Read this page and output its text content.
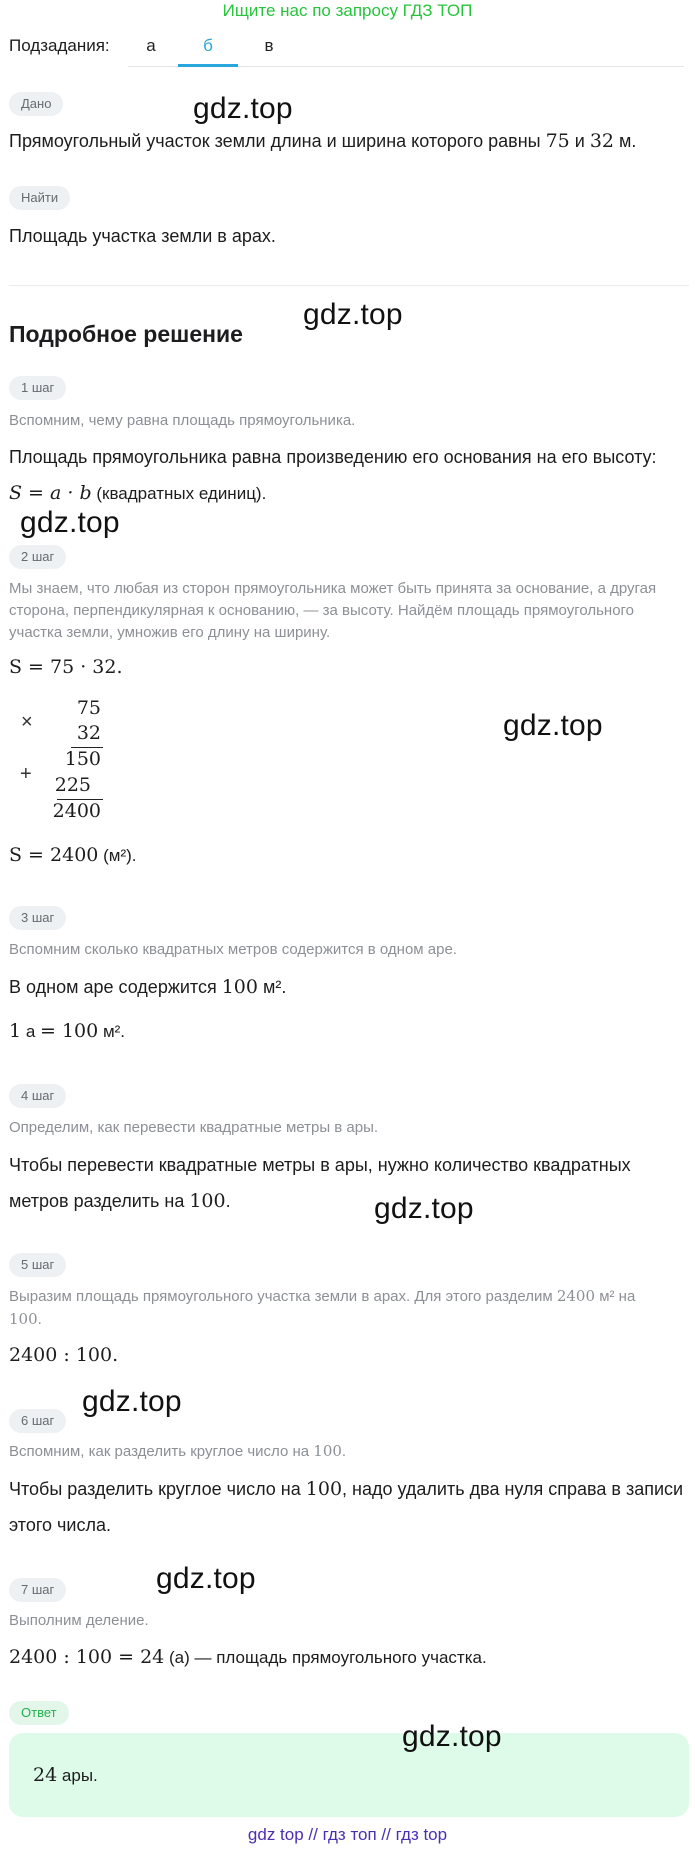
Ищите нас по запросу ГДЗ ТОП
Подзадания:	а	б	в
Дано
Прямоугольный участок земли длина и ширина которого равны 75 и 32 м.
Найти
Площадь участка земли в арах.
Подробное решение
1 шаг
Вспомним, чему равна площадь прямоугольника.
Площадь прямоугольника равна произведению его основания на его высоту:
S = a · b (квадратных единиц).
2 шаг
Мы знаем, что любая из сторон прямоугольника может быть принята за основание, а другая сторона, перпендикулярная к основанию, — за высоту. Найдём площадь прямоугольного участка земли, умножив его длину на ширину.
S = 75 · 32.
×
75
32
150
+	225
2400
S = 2400 (м²).
3 шаг
Вспомним сколько квадратных метров содержится в одном аре.
В одном аре содержится 100 м².
1 а = 100 м².
4 шаг
Определим, как перевести квадратные метры в ары.
Чтобы перевести квадратные метры в ары, нужно количество квадратных
метров разделить на 100.
5 шаг
Выразим площадь прямоугольного участка земли в арах. Для этого разделим 2400 м² на
100.
2400 : 100.
6 шаг
Вспомним, как разделить круглое число на 100.
Чтобы разделить круглое число на 100, надо удалить два нуля справа в записи
этого числа.
7 шаг
Выполним деление.
2400 : 100 = 24 (а) — площадь прямоугольного участка.
Ответ
24 ары.
gdz.top
gdz.top
gdz.top
gdz.top
gdz.top
gdz.top
gdz.top
gdz.top
gdz top // гдз топ // гдз top
